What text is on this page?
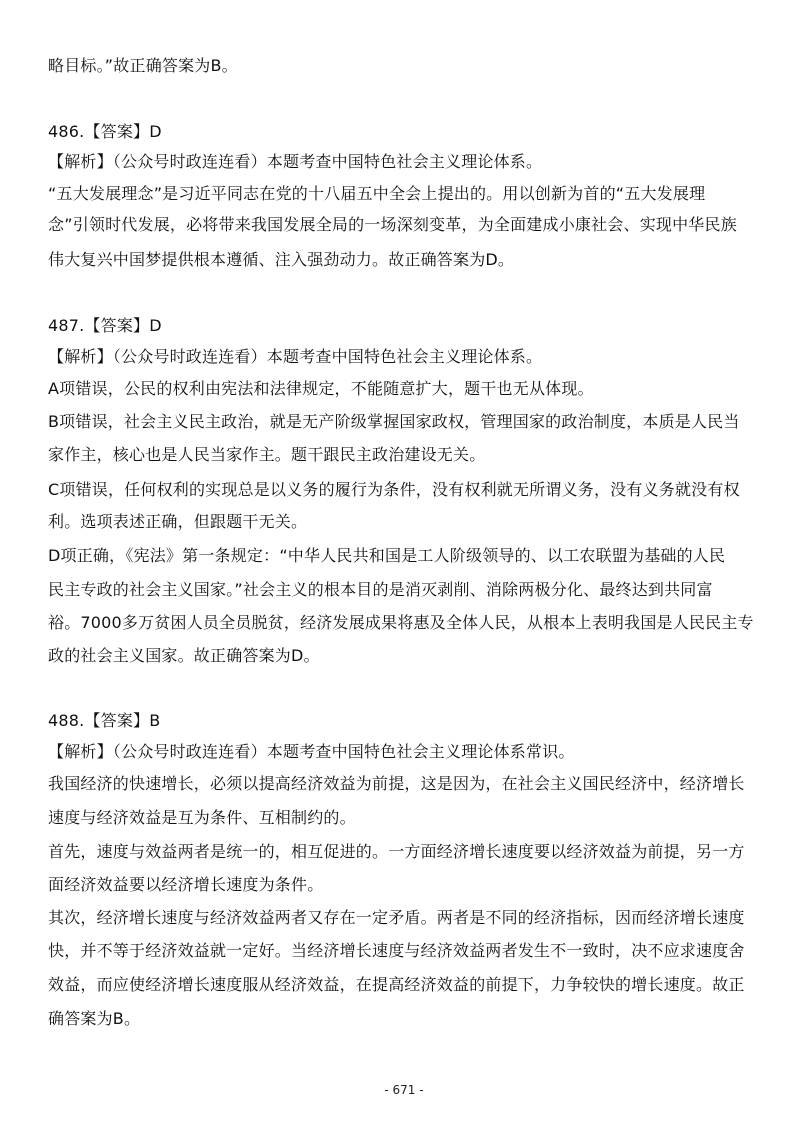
略目标。”故正确答案为B。
486.【答案】D
【解析】（公众号时政连连看）本题考查中国特色社会主义理论体系。
“五大发展理念”是习近平同志在党的十八届五中全会上提出的。用以创新为首的“五大发展理
念”引领时代发展，必将带来我国发展全局的一场深刻变革，为全面建成小康社会、实现中华民族
伟大复兴中国梦提供根本遵循、注入强劲动力。故正确答案为D。
487.【答案】D
【解析】（公众号时政连连看）本题考查中国特色社会主义理论体系。
A项错误，公民的权利由宪法和法律规定，不能随意扩大，题干也无从体现。
B项错误，社会主义民主政治，就是无产阶级掌握国家政权，管理国家的政治制度，本质是人民当
家作主，核心也是人民当家作主。题干跟民主政治建设无关。
C项错误，任何权利的实现总是以义务的履行为条件，没有权利就无所谓义务，没有义务就没有权
利。选项表述正确，但跟题干无关。
D项正确，《宪法》第一条规定：“中华人民共和国是工人阶级领导的、以工农联盟为基础的人民
民主专政的社会主义国家。”社会主义的根本目的是消灭剥削、消除两极分化、最终达到共同富
裕。7000多万贫困人员全员脱贫，经济发展成果将惠及全体人民，从根本上表明我国是人民民主专
政的社会主义国家。故正确答案为D。
488.【答案】B
【解析】（公众号时政连连看）本题考查中国特色社会主义理论体系常识。
我国经济的快速增长，必须以提高经济效益为前提，这是因为，在社会主义国民经济中，经济增长
速度与经济效益是互为条件、互相制约的。
首先，速度与效益两者是统一的，相互促进的。一方面经济增长速度要以经济效益为前提，另一方
面经济效益要以经济增长速度为条件。
其次，经济增长速度与经济效益两者又存在一定矛盾。两者是不同的经济指标，因而经济增长速度
快，并不等于经济效益就一定好。当经济增长速度与经济效益两者发生不一致时，决不应求速度舍
效益，而应使经济增长速度服从经济效益，在提高经济效益的前提下，力争较快的增长速度。故正
确答案为B。
- 671 -
